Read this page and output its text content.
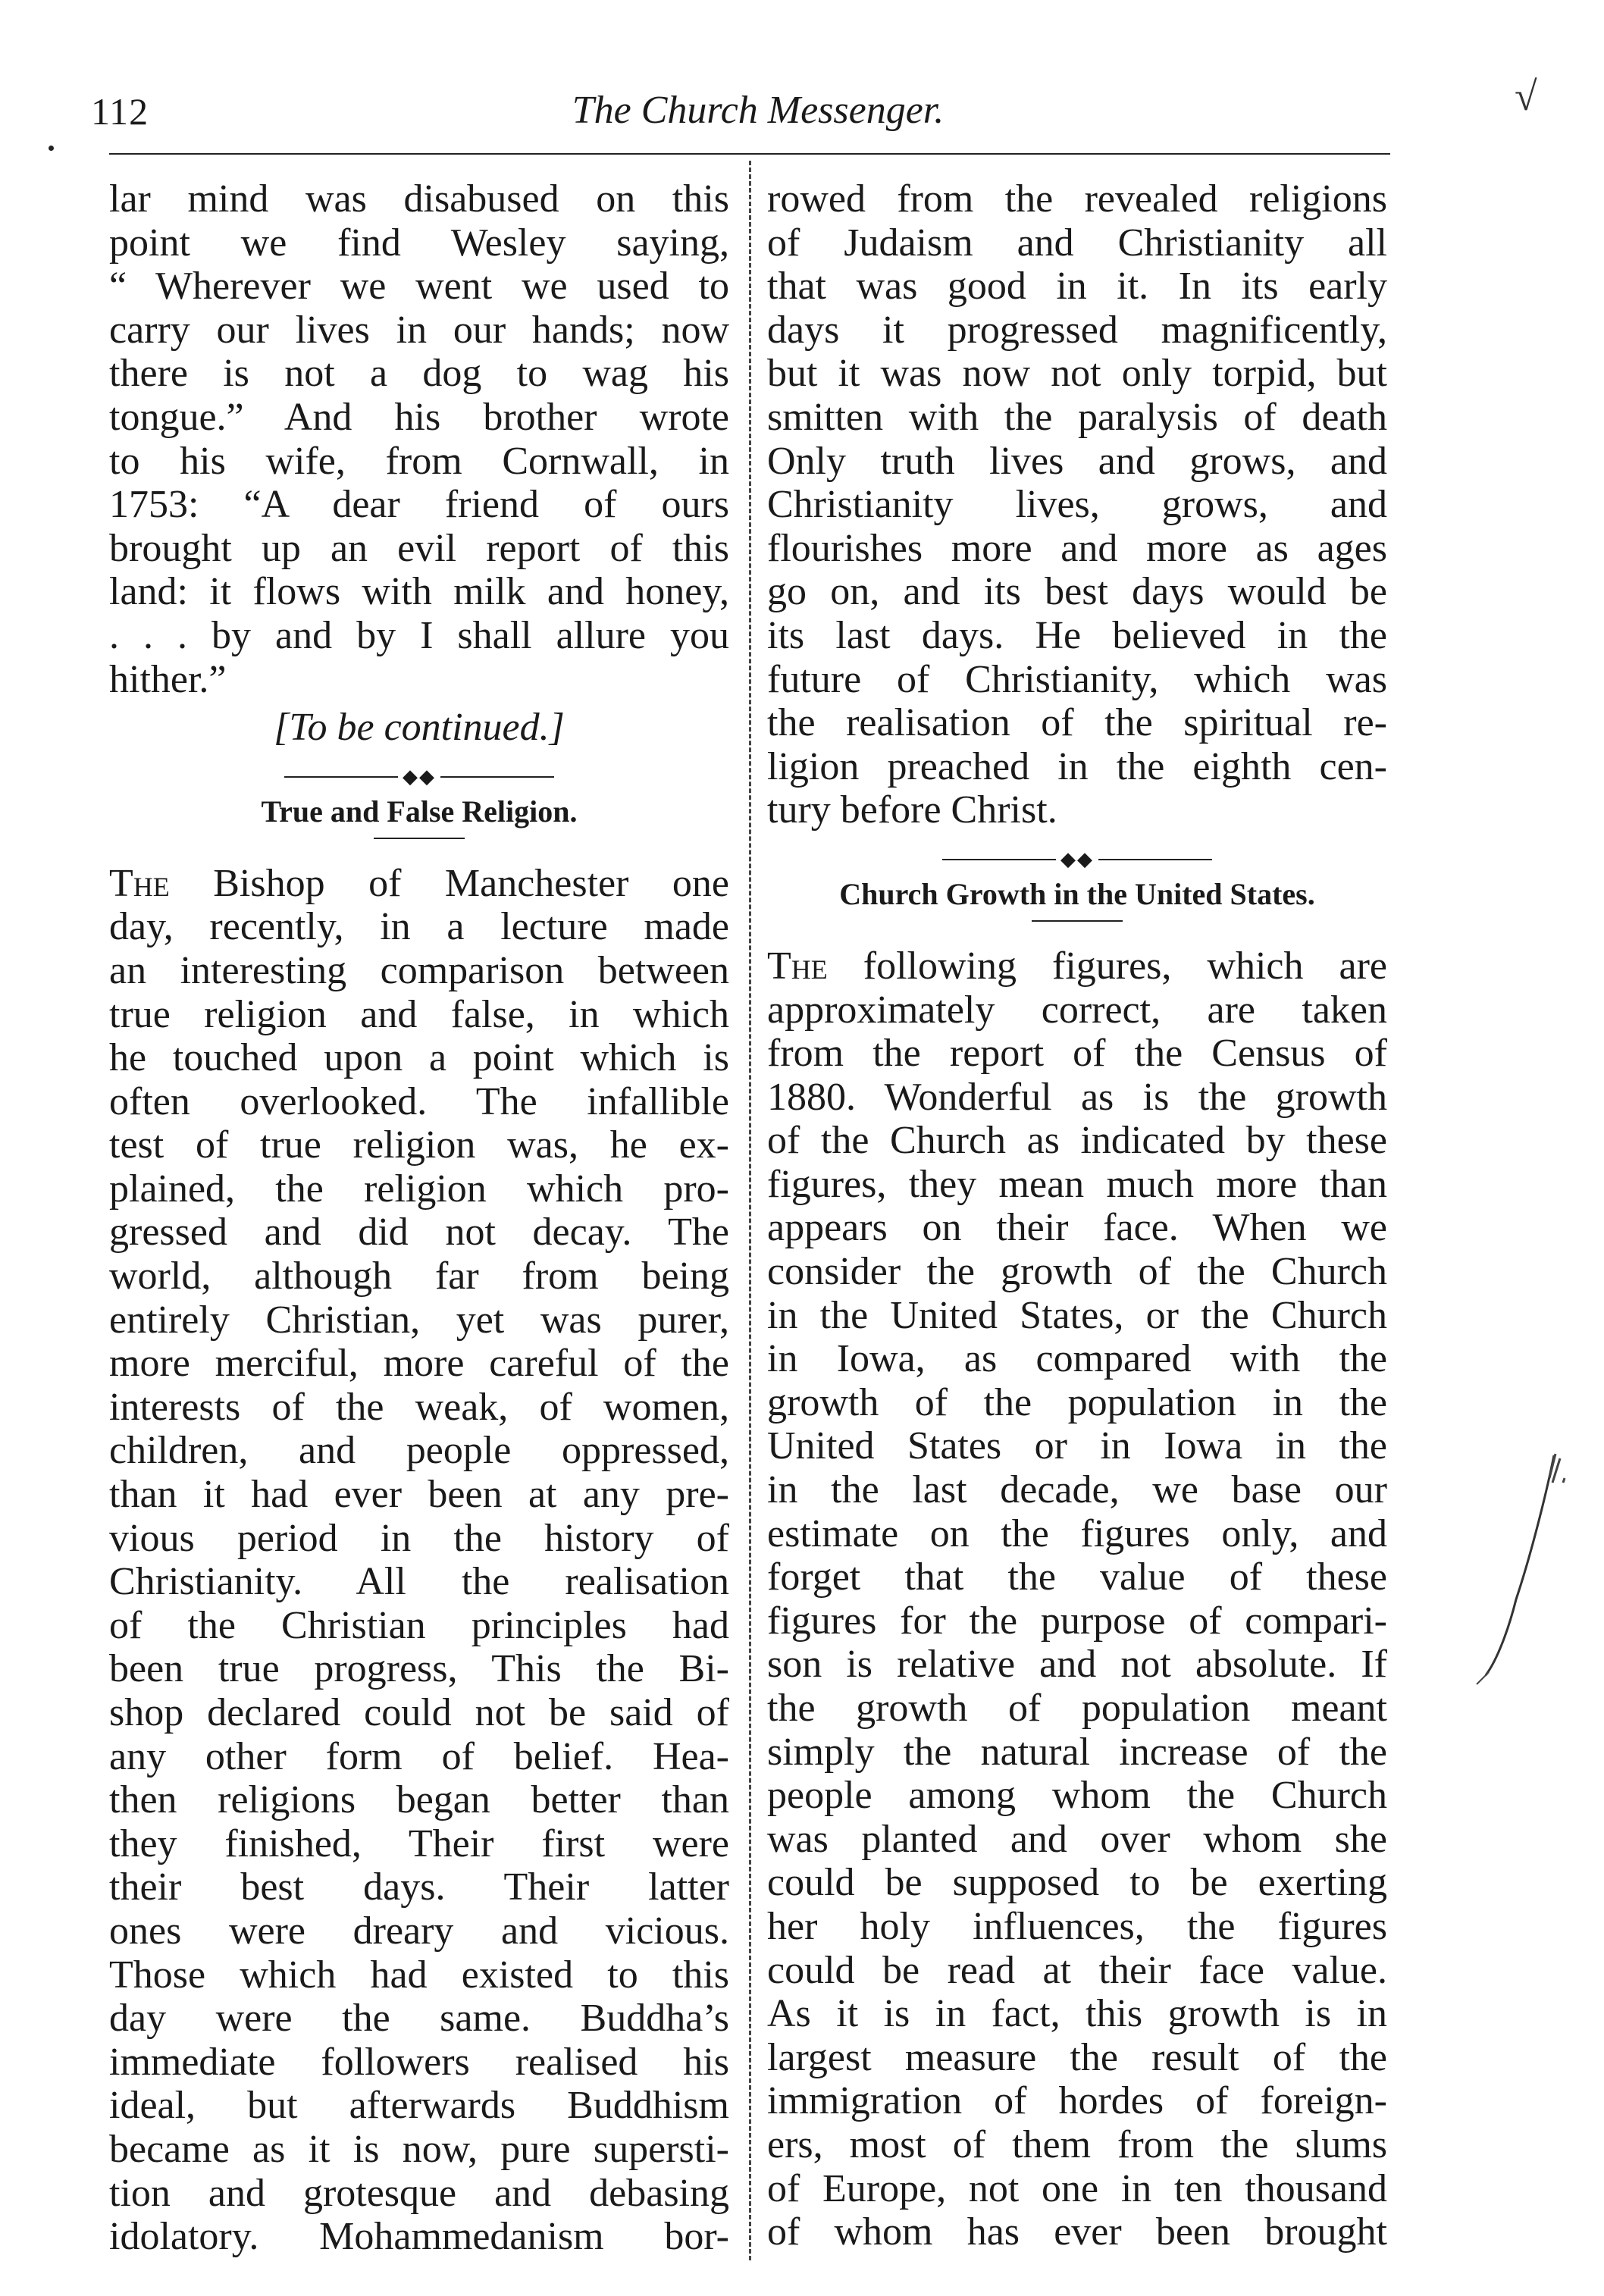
112	The Church Messenger.	√
lar mind was disabused on this
point we find Wesley saying,
“ Wherever we went we used to
carry our lives in our hands; now
there is not a dog to wag his
tongue.” And his brother wrote
to his wife, from Cornwall, in
1753: “A dear friend of ours
brought up an evil report of this
land: it flows with milk and honey,
. . . by and by I shall allure you
hither.”
[To be continued.]
◆◆
True and False Religion.
The Bishop of Manchester one
day, recently, in a lecture made
an interesting comparison between
true religion and false, in which
he touched upon a point which is
often overlooked. The infallible
test of true religion was, he ex-
plained, the religion which pro-
gressed and did not decay. The
world, although far from being
entirely Christian, yet was purer,
more merciful, more careful of the
interests of the weak, of women,
children, and people oppressed,
than it had ever been at any pre-
vious period in the history of
Christianity. All the realisation
of the Christian principles had
been true progress, This the Bi-
shop declared could not be said of
any other form of belief. Hea-
then religions began better than
they finished, Their first were
their best days. Their latter
ones were dreary and vicious.
Those which had existed to this
day were the same. Buddha’s
immediate followers realised his
ideal, but afterwards Buddhism
became as it is now, pure supersti-
tion and grotesque and debasing
idolatory. Mohammedanism bor-
rowed from the revealed religions
of Judaism and Christianity all
that was good in it. In its early
days it progressed magnificently,
but it was now not only torpid, but
smitten with the paralysis of death
Only truth lives and grows, and
Christianity lives, grows, and
flourishes more and more as ages
go on, and its best days would be
its last days. He believed in the
future of Christianity, which was
the realisation of the spiritual re-
ligion preached in the eighth cen-
tury before Christ.
◆◆
Church Growth in the United States.
The following figures, which are
approximately correct, are taken
from the report of the Census of
1880. Wonderful as is the growth
of the Church as indicated by these
figures, they mean much more than
appears on their face. When we
consider the growth of the Church
in the United States, or the Church
in Iowa, as compared with the
growth of the population in the
United States or in Iowa in the
in the last decade, we base our
estimate on the figures only, and
forget that the value of these
figures for the purpose of compari-
son is relative and not absolute. If
the growth of population meant
simply the natural increase of the
people among whom the Church
was planted and over whom she
could be supposed to be exerting
her holy influences, the figures
could be read at their face value.
As it is in fact, this growth is in
largest measure the result of the
immigration of hordes of foreign-
ers, most of them from the slums
of Europe, not one in ten thousand
of whom has ever been brought
